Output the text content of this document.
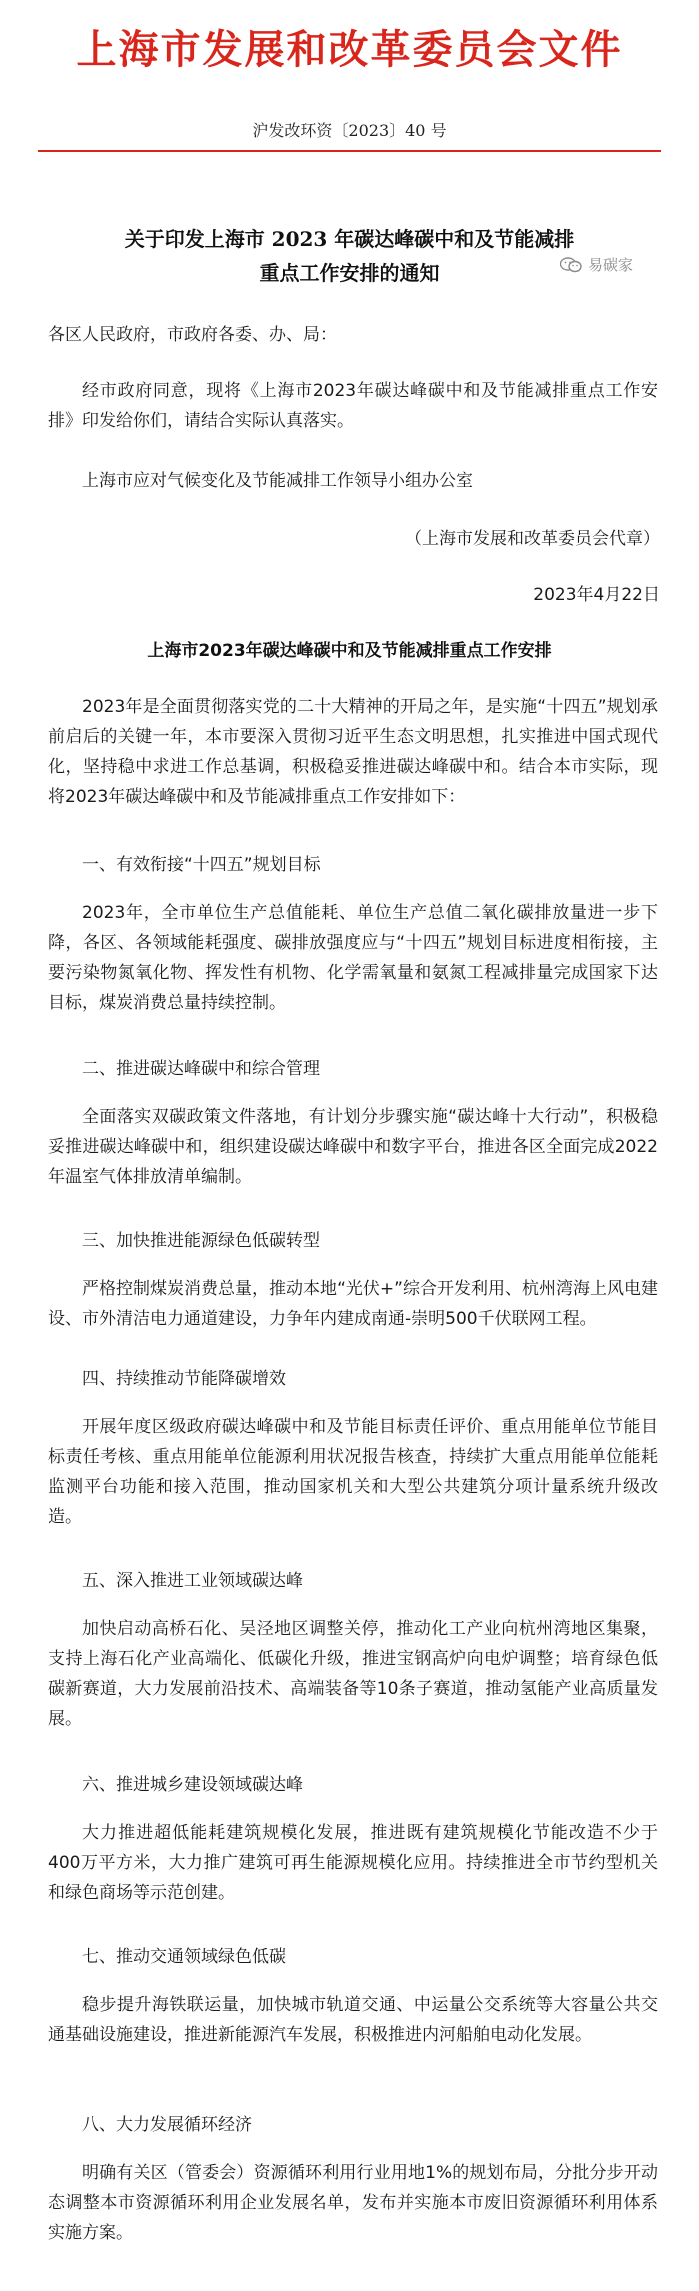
上海市发展和改革委员会文件
沪发改环资〔2023〕40 号
关于印发上海市 2023 年碳达峰碳中和及节能减排
重点工作安排的通知	易碳家
各区人民政府，市政府各委、办、局：
经市政府同意，现将《上海市2023年碳达峰碳中和及节能减排重点工作安排》印发给你们，请结合实际认真落实。
上海市应对气候变化及节能减排工作领导小组办公室
（上海市发展和改革委员会代章）
2023年4月22日
上海市2023年碳达峰碳中和及节能减排重点工作安排
2023年是全面贯彻落实党的二十大精神的开局之年，是实施“十四五”规划承前启后的关键一年，本市要深入贯彻习近平生态文明思想，扎实推进中国式现代化，坚持稳中求进工作总基调，积极稳妥推进碳达峰碳中和。结合本市实际，现将2023年碳达峰碳中和及节能减排重点工作安排如下：
一、有效衔接“十四五”规划目标
2023年，全市单位生产总值能耗、单位生产总值二氧化碳排放量进一步下降，各区、各领域能耗强度、碳排放强度应与“十四五”规划目标进度相衔接，主要污染物氮氧化物、挥发性有机物、化学需氧量和氨氮工程减排量完成国家下达目标，煤炭消费总量持续控制。
二、推进碳达峰碳中和综合管理
全面落实双碳政策文件落地，有计划分步骤实施“碳达峰十大行动”，积极稳妥推进碳达峰碳中和，组织建设碳达峰碳中和数字平台，推进各区全面完成2022年温室气体排放清单编制。
三、加快推进能源绿色低碳转型
严格控制煤炭消费总量，推动本地“光伏+”综合开发利用、杭州湾海上风电建设、市外清洁电力通道建设，力争年内建成南通-崇明500千伏联网工程。
四、持续推动节能降碳增效
开展年度区级政府碳达峰碳中和及节能目标责任评价、重点用能单位节能目标责任考核、重点用能单位能源利用状况报告核查，持续扩大重点用能单位能耗监测平台功能和接入范围，推动国家机关和大型公共建筑分项计量系统升级改造。
五、深入推进工业领域碳达峰
加快启动高桥石化、吴泾地区调整关停，推动化工产业向杭州湾地区集聚，支持上海石化产业高端化、低碳化升级，推进宝钢高炉向电炉调整；培育绿色低碳新赛道，大力发展前沿技术、高端装备等10条子赛道，推动氢能产业高质量发展。
六、推进城乡建设领域碳达峰
大力推进超低能耗建筑规模化发展，推进既有建筑规模化节能改造不少于400万平方米，大力推广建筑可再生能源规模化应用。持续推进全市节约型机关和绿色商场等示范创建。
七、推动交通领域绿色低碳
稳步提升海铁联运量，加快城市轨道交通、中运量公交系统等大容量公共交通基础设施建设，推进新能源汽车发展，积极推进内河船舶电动化发展。
八、大力发展循环经济
明确有关区（管委会）资源循环利用行业用地1%的规划布局，分批分步开动态调整本市资源循环利用企业发展名单，发布并实施本市废旧资源循环利用体系实施方案。
